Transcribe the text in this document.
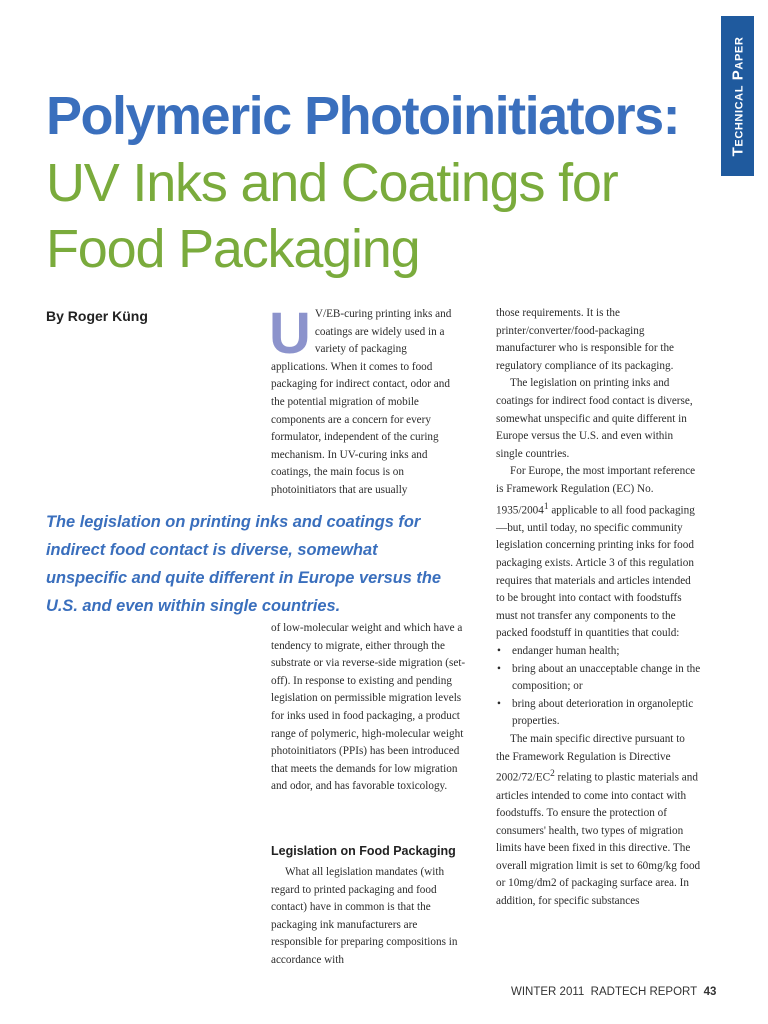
Technical Paper
Polymeric Photoinitiators:
UV Inks and Coatings for Food Packaging

By Roger Küng U V/EB-curing printing inks and coatings are widely used in a variety of packaging applications. When it comes to food packaging for indirect contact, odor and the potential migration of mobile components are a concern for every formulator, independent of the curing mechanism. In UV-curing inks and coatings, the main focus is on photoinitiators that are usually

The legislation on printing inks and coatings for indirect food contact is diverse, somewhat unspecific and quite different in Europe versus the U.S. and even within single countries.

of low-molecular weight and which have a tendency to migrate, either through the substrate or via reverse-side migration (set-off). In response to existing and pending legislation on permissible migration levels for inks used in food packaging, a product range of polymeric, high-molecular weight photoinitiators (PPIs) has been introduced that meets the demands for low migration and odor, and has favorable toxicology.

Legislation on Food Packaging

What all legislation mandates (with regard to printed packaging and food contact) have in common is that the packaging ink manufacturers are responsible for preparing compositions in accordance with

those requirements. It is the printer/converter/food-packaging manufacturer who is responsible for the regulatory compliance of its packaging.

The legislation on printing inks and coatings for indirect food contact is diverse, somewhat unspecific and quite different in Europe versus the U.S. and even within single countries.

For Europe, the most important reference is Framework Regulation (EC) No. 1935/2004$^1$ applicable to all food packaging—but, until today, no specific community legislation concerning printing inks for food packaging exists. Article 3 of this regulation requires that materials and articles intended to be brought into contact with foodstuffs must not transfer any components to the packed foodstuff in quantities that could:

• endanger human health;
• bring about an unacceptable change in the composition; or
• bring about deterioration in organoleptic properties.

The main specific directive pursuant to the Framework Regulation is Directive $2002/72/EC^2$ relating to plastic materials and articles intended to come into contact with foodstuffs. To ensure the protection of consumers' health, two types of migration limits have been fixed in this directive. The overall migration limit is set to 60mg/kg food or 10mg/dm2 of packaging surface area. In addition, for specific substances

WINTER 2011 RADTECH REPORT 43
